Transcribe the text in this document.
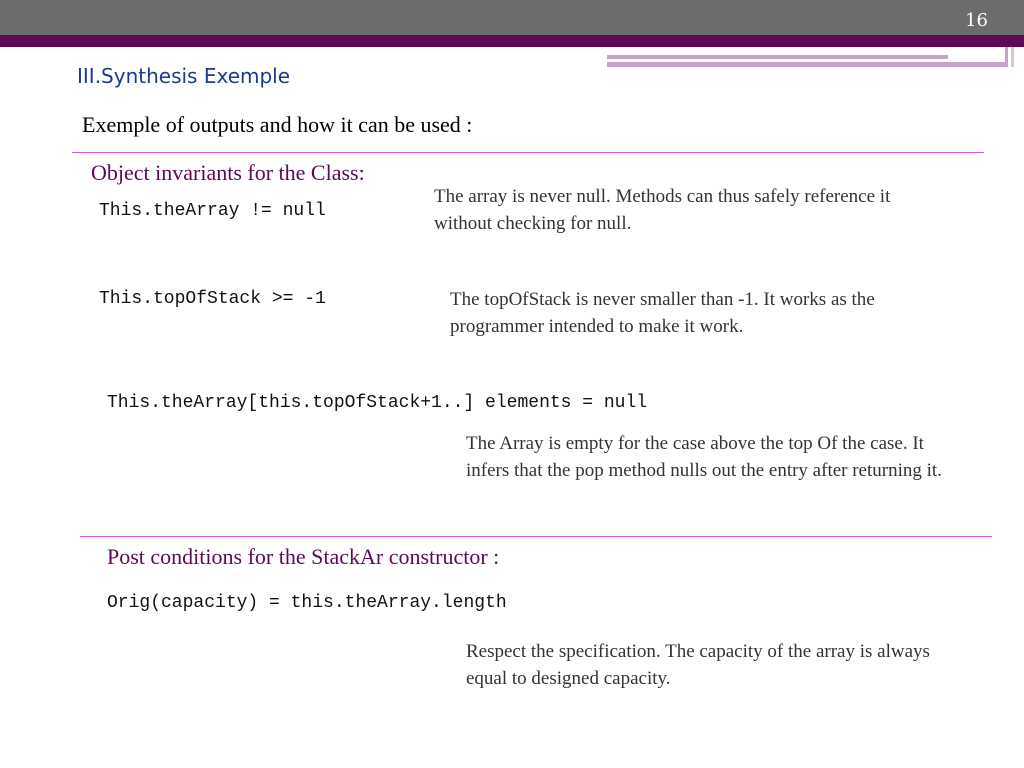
16
III.Synthesis Exemple
Exemple of outputs and how it can be used :
Object invariants for the Class:
This.theArray != null
The array is never null. Methods can thus safely reference it without checking for null.
This.topOfStack >= -1	The topOfStack is never smaller than -1. It works as the programmer intended to make it work.
This.theArray[this.topOfStack+1..] elements = null
The Array is empty for the case above the top Of the case. It infers that the pop method nulls out the entry after returning it.
Post conditions for the StackAr constructor :
Orig(capacity) = this.theArray.length
Respect the specification. The capacity of the array is always equal to designed capacity.
